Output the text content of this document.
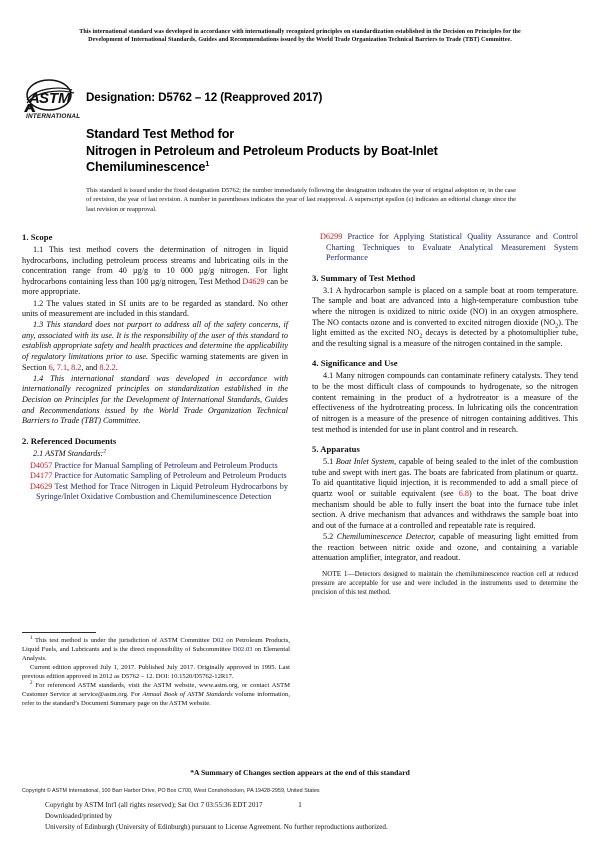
This international standard was developed in accordance with internationally recognized principles on standardization established in the Decision on Principles for the
Development of International Standards, Guides and Recommendations issued by the World Trade Organization Technical Barriers to Trade (TBT) Committee.
A S T M
INTERNATIONAL
Designation: D5762 – 12 (Reapproved 2017)
Standard Test Method for
Nitrogen in Petroleum and Petroleum Products by Boat-Inlet
Chemiluminescence$^1$
This standard is issued under the fixed designation D5762; the number immediately following the designation indicates the year of original adoption or, in the case of revision, the year of last revision. A number in parentheses indicates the year of last reapproval. A superscript epsilon (ε) indicates an editorial change since the last revision or reapproval.
1. Scope

1.1 This test method covers the determination of nitrogen in liquid hydrocarbons, including petroleum process streams and lubricating oils in the concentration range from 40 µg/g to 10 000 µg/g nitrogen. For light hydrocarbons containing less than 100 µg/g nitrogen, Test Method D4629 can be more appropriate.

1.2 The values stated in SI units are to be regarded as standard. No other units of measurement are included in this standard.

1.3 This standard does not purport to address all of the safety concerns, if any, associated with its use. It is the responsibility of the user of this standard to establish appropriate safety and health practices and determine the applicability of regulatory limitations prior to use. Specific warning statements are given in Section 6, 7.1, 8.2, and 8.2.2.

1.4 This international standard was developed in accordance with internationally recognized principles on standardization established in the Decision on Principles for the Development of International Standards, Guides and Recommendations issued by the World Trade Organization Technical Barriers to Trade (TBT) Committee.

2. Referenced Documents

2.1 ASTM Standards:$^2$

D4057 Practice for Manual Sampling of Petroleum and Petroleum Products

D4177 Practice for Automatic Sampling of Petroleum and Petroleum Products

D4629 Test Method for Trace Nitrogen in Liquid Petroleum Hydrocarbons by Syringe/Inlet Oxidative Combustion and Chemiluminescence Detection

D6299 Practice for Applying Statistical Quality Assurance and Control Charting Techniques to Evaluate Analytical Measurement System Performance

3. Summary of Test Method

3.1 A hydrocarbon sample is placed on a sample boat at room temperature. The sample and boat are advanced into a high-temperature combustion tube where the nitrogen is oxidized to nitric oxide (NO) in an oxygen atmosphere. The NO contacts ozone and is converted to excited nitrogen dioxide $(NO_2)$. The light emitted as the excited $NO_2$ decays is detected by a photomultiplier tube, and the resulting signal is a measure of the nitrogen contained in the sample.

4. Significance and Use

4.1 Many nitrogen compounds can contaminate refinery catalysts. They tend to be the most difficult class of compounds to hydrogenate, so the nitrogen content remaining in the product of a hydrotreator is a measure of the effectiveness of the hydrotreating process. In lubricating oils the concentration of nitrogen is a measure of the presence of nitrogen containing additives. This test method is intended for use in plant control and in research.

5. Apparatus

5.1 Boat Inlet System, capable of being sealed to the inlet of the combustion tube and swept with inert gas. The boats are fabricated from platinum or quartz. To aid quantitative liquid injection, it is recommended to add a small piece of quartz wool or suitable equivalent (see 6.8) to the boat. The boat drive mechanism should be able to fully insert the boat into the furnace tube inlet section. A drive mechanism that advances and withdraws the sample boat into and out of the furnace at a controlled and repeatable rate is required.

5.2 Chemiluminescence Detector, capable of measuring light emitted from the reaction between nitric oxide and ozone, and containing a variable attenuation amplifier, integrator, and readout.

NOTE 1—Detectors designed to maintain the chemiluminescence reaction cell at reduced pressure are acceptable for use and were included in the instruments used to determine the precision of this test method.

$^1$ This test method is under the jurisdiction of ASTM Committee D02 on Petroleum Products, Liquid Fuels, and Lubricants and is the direct responsibility of Subcommittee D02.03 on Elemental Analysis.

Current edition approved July 1, 2017. Published July 2017. Originally approved in 1995. Last previous edition approved in 2012 as D5762 – 12. DOI: 10.1520/D5762-12R17.

$^2$ For referenced ASTM standards, visit the ASTM website, www.astm.org, or contact ASTM Customer Service at service@astm.org. For Annual Book of ASTM Standards volume information, refer to the standard’s Document Summary page on the ASTM website.

*A Summary of Changes section appears at the end of this standard
Copyright © ASTM International, 100 Barr Harbor Drive, PO Box C700, West Conshohocken, PA 19428-2959, United States
1
Copyright by ASTM Int'l (all rights reserved); Sat Oct 7 03:55:36 EDT 2017
Downloaded/printed by
University of Edinburgh (University of Edinburgh) pursuant to License Agreement. No further reproductions authorized.
